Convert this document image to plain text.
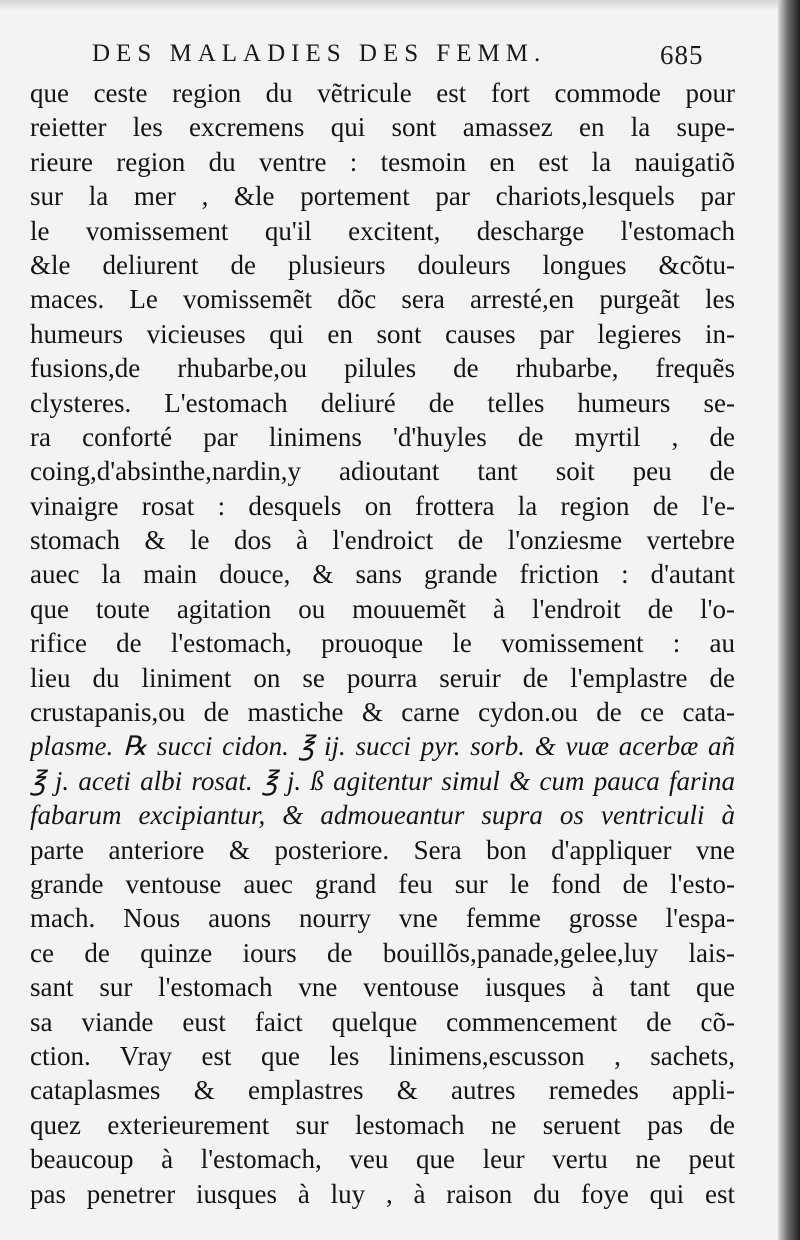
DES MALADIES DES FEMM.	685
que ceste region du vẽtricule est fort commode pour
reietter les excremens qui sont amassez en la supe-
rieure region du ventre : tesmoin en est la nauigatiõ
sur la mer , &le portement par chariots,lesquels par
le vomissement qu'il excitent, descharge l'estomach
&le deliurent de plusieurs douleurs longues &cõtu-
maces. Le vomissemẽt dõc sera arresté,en purgeãt les
humeurs vicieuses qui en sont causes par legieres in-
fusions,de rhubarbe,ou pilules de rhubarbe, frequẽs
clysteres. L'estomach deliuré de telles humeurs se-
ra conforté par linimens 'd'huyles de myrtil , de
coing,d'absinthe,nardin,y adioutant tant soit peu de
vinaigre rosat : desquels on frottera la region de l'e-
stomach & le dos à l'endroict de l'onziesme vertebre
auec la main douce, & sans grande friction : d'autant
que toute agitation ou mouuemẽt à l'endroit de l'o-
rifice de l'estomach, prouoque le vomissement : au
lieu du liniment on se pourra seruir de l'emplastre de
crustapanis,ou de mastiche & carne cydon.ou de ce cata-
plasme. ℞ succi cidon. ℥ ij. succi pyr. sorb. & vuæ acerbæ añ
℥ j. aceti albi rosat. ℥ j. ß agitentur simul & cum pauca farina
fabarum excipiantur, & admoueantur supra os ventriculi à
parte anteriore & posteriore. Sera bon d'appliquer vne
grande ventouse auec grand feu sur le fond de l'esto-
mach. Nous auons nourry vne femme grosse l'espa-
ce de quinze iours de bouillõs,panade,gelee,luy lais-
sant sur l'estomach vne ventouse iusques à tant que
sa viande eust faict quelque commencement de cõ-
ction. Vray est que les linimens,escusson , sachets,
cataplasmes & emplastres & autres remedes appli-
quez exterieurement sur lestomach ne seruent pas de
beaucoup à l'estomach, veu que leur vertu ne peut
pas penetrer iusques à luy , à raison du foye qui est
